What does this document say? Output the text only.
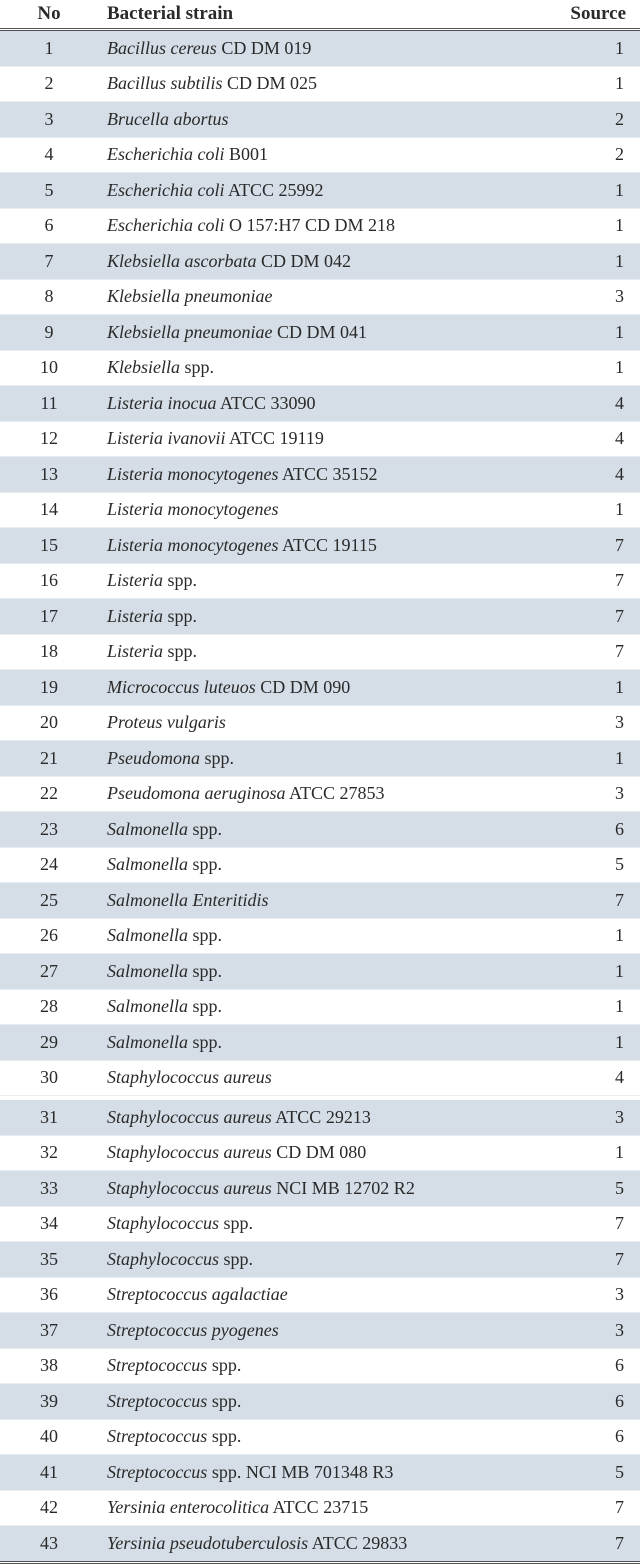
No	Bacterial strain	Source
1	Bacillus cereus CD DM 019	1
2	Bacillus subtilis CD DM 025	1
3	Brucella abortus	2
4	Escherichia coli B001	2
5	Escherichia coli ATCC 25992	1
6	Escherichia coli O 157:H7 CD DM 218	1
7	Klebsiella ascorbata CD DM 042	1
8	Klebsiella pneumoniae	3
9	Klebsiella pneumoniae CD DM 041	1
10	Klebsiella spp.	1
11	Listeria inocua ATCC 33090	4
12	Listeria ivanovii ATCC 19119	4
13	Listeria monocytogenes ATCC 35152	4
14	Listeria monocytogenes	1
15	Listeria monocytogenes ATCC 19115	7
16	Listeria spp.	7
17	Listeria spp.	7
18	Listeria spp.	7
19	Micrococcus luteuos CD DM 090	1
20	Proteus vulgaris	3
21	Pseudomona spp.	1
22	Pseudomona aeruginosa ATCC 27853	3
23	Salmonella spp.	6
24	Salmonella spp.	5
25	Salmonella Enteritidis	7
26	Salmonella spp.	1
27	Salmonella spp.	1
28	Salmonella spp.	1
29	Salmonella spp.	1
30	Staphylococcus aureus	4

31	Staphylococcus aureus ATCC 29213	3
32	Staphylococcus aureus CD DM 080	1
33	Staphylococcus aureus NCI MB 12702 R2	5
34	Staphylococcus spp.	7
35	Staphylococcus spp.	7
36	Streptococcus agalactiae	3
37	Streptococcus pyogenes	3
38	Streptococcus spp.	6
39	Streptococcus spp.	6
40	Streptococcus spp.	6
41	Streptococcus spp. NCI MB 701348 R3	5
42	Yersinia enterocolitica ATCC 23715	7
43	Yersinia pseudotuberculosis ATCC 29833	7
